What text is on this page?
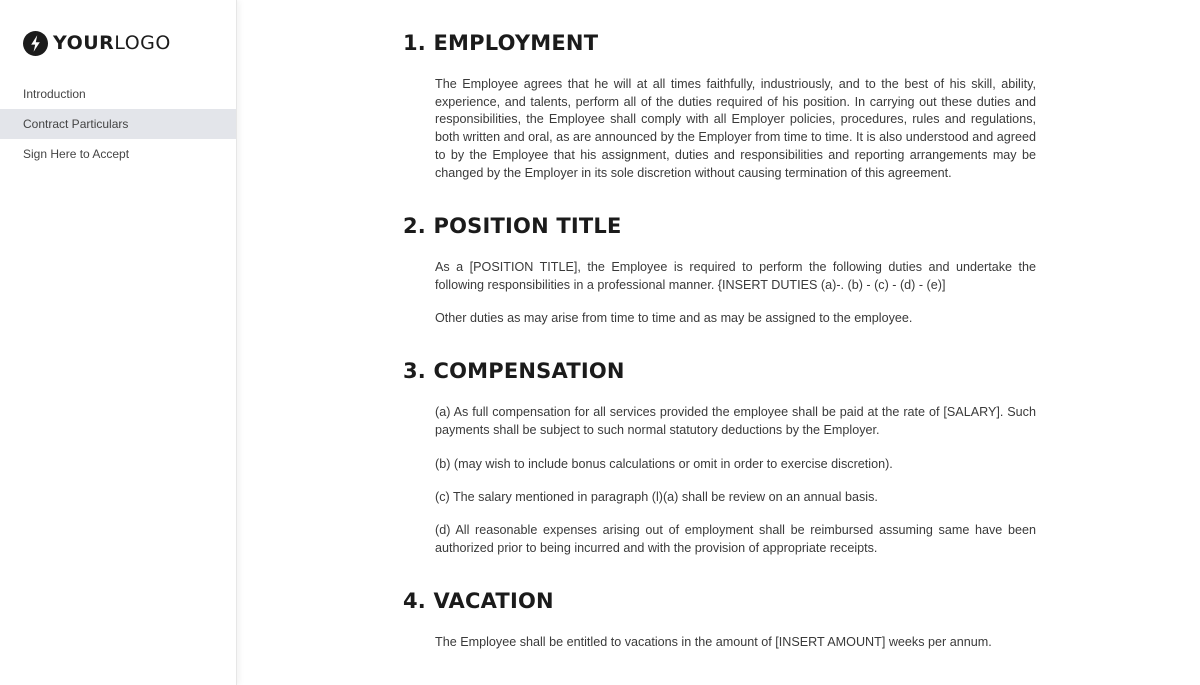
YOURLOGO
Introduction
Contract Particulars
Sign Here to Accept
1. EMPLOYMENT

The Employee agrees that he will at all times faithfully, industriously, and to the best of his skill, ability, experience, and talents, perform all of the duties required of his position. In carrying out these duties and responsibilities, the Employee shall comply with all Employer policies, procedures, rules and regulations, both written and oral, as are announced by the Employer from time to time. It is also understood and agreed to by the Employee that his assignment, duties and responsibilities and reporting arrangements may be changed by the Employer in its sole discretion without causing termination of this agreement.

2. POSITION TITLE

As a [POSITION TITLE], the Employee is required to perform the following duties and undertake the following responsibilities in a professional manner. {INSERT DUTIES (a)-. (b) - (c) - (d) - (e)]

Other duties as may arise from time to time and as may be assigned to the employee.

3. COMPENSATION

(a) As full compensation for all services provided the employee shall be paid at the rate of [SALARY]. Such payments shall be subject to such normal statutory deductions by the Employer.

(b) (may wish to include bonus calculations or omit in order to exercise discretion).

(c) The salary mentioned in paragraph (l)(a) shall be review on an annual basis.

(d) All reasonable expenses arising out of employment shall be reimbursed assuming same have been authorized prior to being incurred and with the provision of appropriate receipts.

4. VACATION

The Employee shall be entitled to vacations in the amount of [INSERT AMOUNT] weeks per annum.
